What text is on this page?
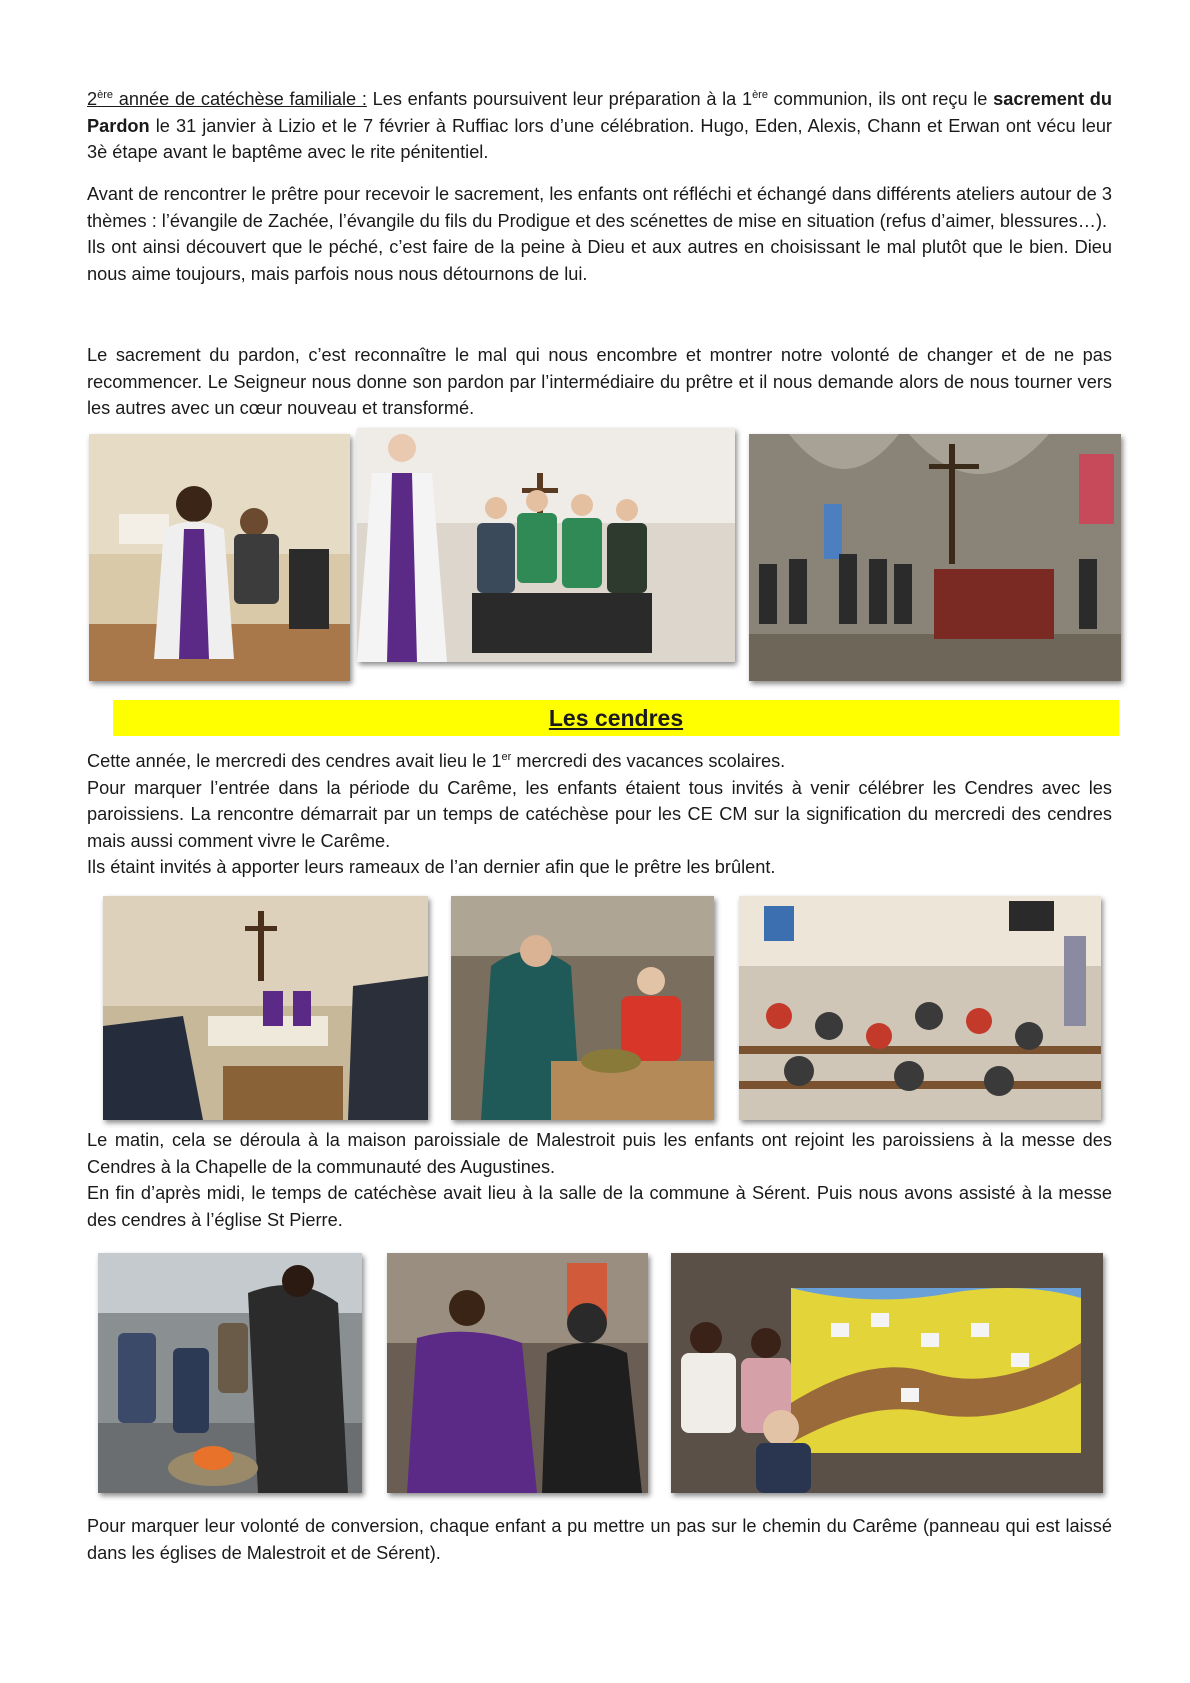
2ère année de catéchèse familiale : Les enfants poursuivent leur préparation à la 1ère communion, ils ont reçu le sacrement du Pardon le 31 janvier à Lizio et le 7 février à Ruffiac lors d’une célébration. Hugo, Eden, Alexis, Chann et Erwan ont vécu leur 3è étape avant le baptême avec le rite pénitentiel.

Avant de rencontrer le prêtre pour recevoir le sacrement, les enfants ont réfléchi et échangé dans différents ateliers autour de 3 thèmes : l’évangile de Zachée, l’évangile du fils du Prodigue et des scénettes de mise en situation (refus d’aimer, blessures…).

Ils ont ainsi découvert que le péché, c’est faire de la peine à Dieu et aux autres en choisissant le mal plutôt que le bien. Dieu nous aime toujours, mais parfois nous nous détournons de lui.

Le sacrement du pardon, c’est reconnaître le mal qui nous encombre et montrer notre volonté de changer et de ne pas recommencer. Le Seigneur nous donne son pardon par l’intermédiaire du prêtre et il nous demande alors de nous tourner vers les autres avec un cœur nouveau et transformé.

Cette année, le mercredi des cendres avait lieu le 1er mercredi des vacances scolaires.

Pour marquer l’entrée dans la période du Carême, les enfants étaient tous invités à venir célébrer les Cendres avec les paroissiens. La rencontre démarrait par un temps de catéchèse pour les CE CM sur la signification du mercredi des cendres mais aussi comment vivre le Carême.

Ils étaint invités à apporter leurs rameaux de l’an dernier afin que le prêtre les brûlent.

Le matin, cela se déroula à la maison paroissiale de Malestroit puis les enfants ont rejoint les paroissiens à la messe des Cendres à la Chapelle de la communauté des Augustines.

En fin d’après midi, le temps de catéchèse avait lieu à la salle de la commune à Sérent. Puis nous avons assisté à la messe des cendres à l’église St Pierre.

Pour marquer leur volonté de conversion, chaque enfant a pu mettre un pas sur le chemin du Carême (panneau qui est laissé dans les églises de Malestroit et de Sérent).

Les cendres
